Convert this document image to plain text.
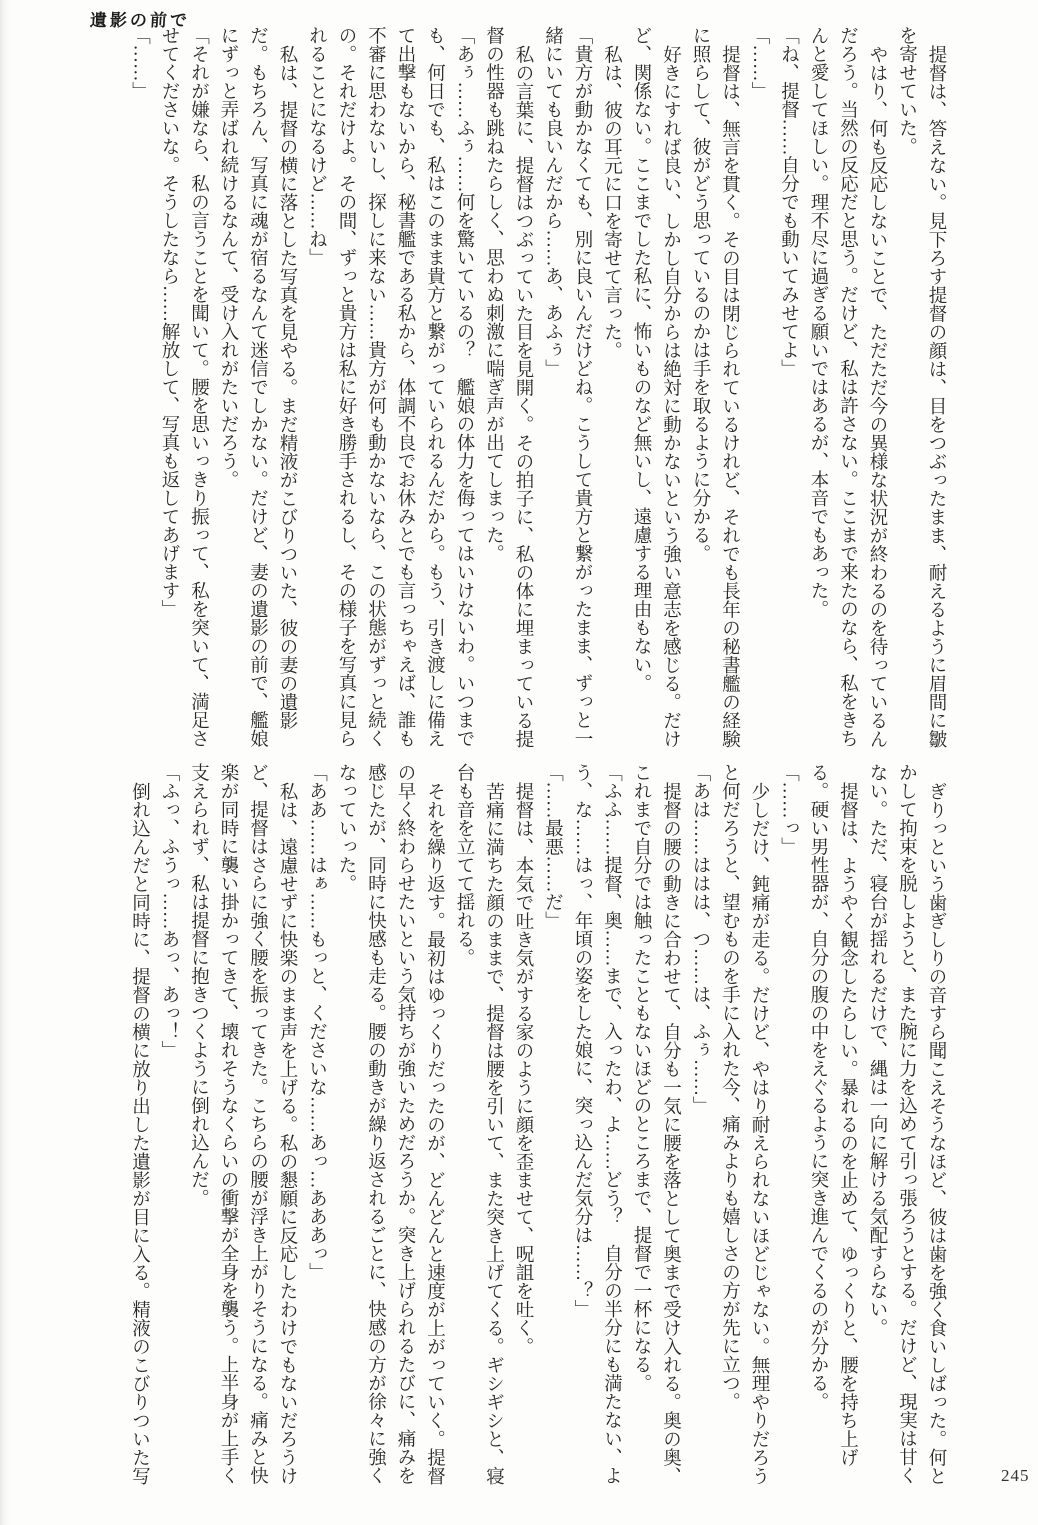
遺影の前で

提督は、答えない。見下ろす提督の顔は、目をつぶったまま、耐えるように眉間に皺を寄せていた。

やはり、何も反応しないことで、ただただ今の異様な状況が終わるのを待っているんだろう。当然の反応だと思う。だけど、私は許さない。ここまで来たのなら、私をきちんと愛してほしい。理不尽に過ぎる願いではあるが、本音でもあった。

「ね、提督……自分でも動いてみせてよ」

「……」

提督は、無言を貫く。その目は閉じられているけれど、それでも長年の秘書艦の経験に照らして、彼がどう思っているのかは手を取るように分かる。

好きにすれば良い、しかし自分からは絶対に動かないという強い意志を感じる。だけど、関係ない。ここまでした私に、怖いものなど無いし、遠慮する理由もない。

私は、彼の耳元に口を寄せて言った。

「貴方が動かなくても、別に良いんだけどね。こうして貴方と繋がったまま、ずっと一緒にいても良いんだから……あ、あふぅ」

私の言葉に、提督はつぶっていた目を見開く。その拍子に、私の体に埋まっている提督の性器も跳ねたらしく、思わぬ刺激に喘ぎ声が出てしまった。

「あぅ……ふぅ……何を驚いているの？　艦娘の体力を侮ってはいけないわ。いつまでも、何日でも、私はこのまま貴方と繋がっていられるんだから。もう、引き渡しに備えて出撃もないから、秘書艦である私から、体調不良でお休みとでも言っちゃえば、誰も不審に思わないし、探しに来ない……貴方が何も動かないなら、この状態がずっと続くの。それだけよ。その間、ずっと貴方は私に好き勝手されるし、その様子を写真に見られることになるけど……ね」

私は、提督の横に落とした写真を見やる。まだ精液がこびりついた、彼の妻の遺影だ。もちろん、写真に魂が宿るなんて迷信でしかない。だけど、妻の遺影の前で、艦娘にずっと弄ばれ続けるなんて、受け入れがたいだろう。

「それが嫌なら、私の言うことを聞いて。腰を思いっきり振って、私を突いて、満足させてくださいな。そうしたなら……解放して、写真も返してあげます」

「……」

ぎりっという歯ぎしりの音すら聞こえそうなほど、彼は歯を強く食いしばった。何とかして拘束を脱しようと、また腕に力を込めて引っ張ろうとする。だけど、現実は甘くない。ただ、寝台が揺れるだけで、縄は一向に解ける気配すらない。

提督は、ようやく観念したらしい。暴れるのを止めて、ゆっくりと、腰を持ち上げる。硬い男性器が、自分の腹の中をえぐるように突き進んでくるのが分かる。

「……っ」

少しだけ、鈍痛が走る。だけど、やはり耐えられないほどじゃない。無理やりだろうと何だろうと、望むものを手に入れた今、痛みよりも嬉しさの方が先に立つ。

「あは……ははは、つ……は、ふぅ……」

提督の腰の動きに合わせて、自分も一気に腰を落として奥まで受け入れる。奥の奥、これまで自分では触ったこともないほどのところまで、提督で一杯になる。

「ふふ……提督、奥……まで、入ったわ、よ……どう？　自分の半分にも満たない、よう、な……はっ、年頃の姿をした娘に、突っ込んだ気分は……？」

「……最悪……だ」

提督は、本気で吐き気がする家のように顔を歪ませて、呪詛を吐く。

苦痛に満ちた顔のままで、提督は腰を引いて、また突き上げてくる。ギシギシと、寝台も音を立てて揺れる。

それを繰り返す。最初はゆっくりだったのが、どんどんと速度が上がっていく。提督の早く終わらせたいという気持ちが強いためだろうか。突き上げられるたびに、痛みを感じたが、同時に快感も走る。腰の動きが繰り返されるごとに、快感の方が徐々に強くなっていった。

「ああ……はぁ……もっと、くださいな……あっ…あああっ」

私は、遠慮せずに快楽のまま声を上げる。私の懇願に反応したわけでもないだろうけど、提督はさらに強く腰を振ってきた。こちらの腰が浮き上がりそうになる。痛みと快楽が同時に襲い掛かってきて、壊れそうなくらいの衝撃が全身を襲う。上半身が上手く支えられず、私は提督に抱きつくように倒れ込んだ。

「ふっ、ふうっ……あっ、あっ！」

倒れ込んだと同時に、提督の横に放り出した遺影が目に入る。精液のこびりついた写	245
